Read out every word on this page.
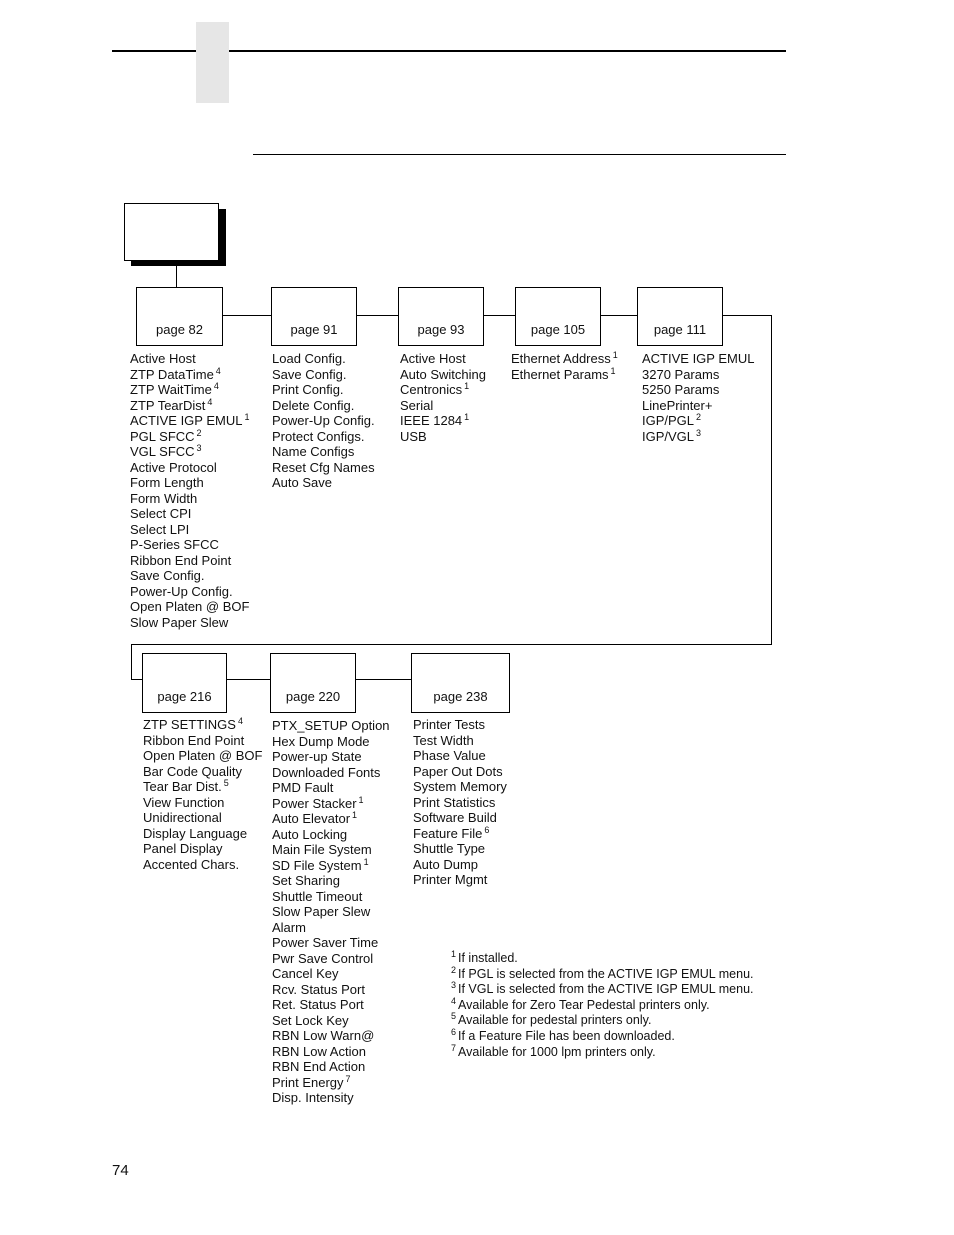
page 82	page 91	page 93	page 105	page 111
page 216	page 220	page 238
Active Host
ZTP DataTime $^4$
ZTP WaitTime $^4$
ZTP TearDist $^4$
ACTIVE IGP EMUL $^1$
PGL SFCC $^2$
VGL SFCC $^3$
Active Protocol
Form Length
Form Width
Select CPI
Select LPI
P-Series SFCC
Ribbon End Point
Save Config.
Power-Up Config.
Open Platen @ BOF
Slow Paper Slew
Load Config.
Save Config.
Print Config.
Delete Config.
Power-Up Config.
Protect Configs.
Name Configs
Reset Cfg Names
Auto Save
Active Host
Auto Switching
Centronics $^1$
Serial
IEEE 1284 $^1$
USB
Ethernet Address $^1$
Ethernet Params $^1$
ACTIVE IGP EMUL
3270 Params
5250 Params
LinePrinter+
IGP/PGL $^2$
IGP/VGL $^3$
ZTP SETTINGS $^4$
Ribbon End Point
Open Platen @ BOF
Bar Code Quality
Tear Bar Dist. $^5$
View Function
Unidirectional
Display Language
Panel Display
Accented Chars.
PTX_SETUP Option
Hex Dump Mode
Power-up State
Downloaded Fonts
PMD Fault
Power Stacker $^1$
Auto Elevator $^1$
Auto Locking
Main File System
SD File System $^1$
Set Sharing
Shuttle Timeout
Slow Paper Slew
Alarm
Power Saver Time
Pwr Save Control
Cancel Key
Rcv. Status Port
Ret. Status Port
Set Lock Key
RBN Low Warn@
RBN Low Action
RBN End Action
Print Energy $^7$
Disp. Intensity
Printer Tests
Test Width
Phase Value
Paper Out Dots
System Memory
Print Statistics
Software Build
Feature File $^6$
Shuttle Type
Auto Dump
Printer Mgmt
$^1$ If installed.
$^2$ If PGL is selected from the ACTIVE IGP EMUL menu.
$^3$ If VGL is selected from the ACTIVE IGP EMUL menu.
$^4$ Available for Zero Tear Pedestal printers only.
$^5$ Available for pedestal printers only.
$^6$ If a Feature File has been downloaded.
$^7$ Available for 1000 lpm printers only.
74
